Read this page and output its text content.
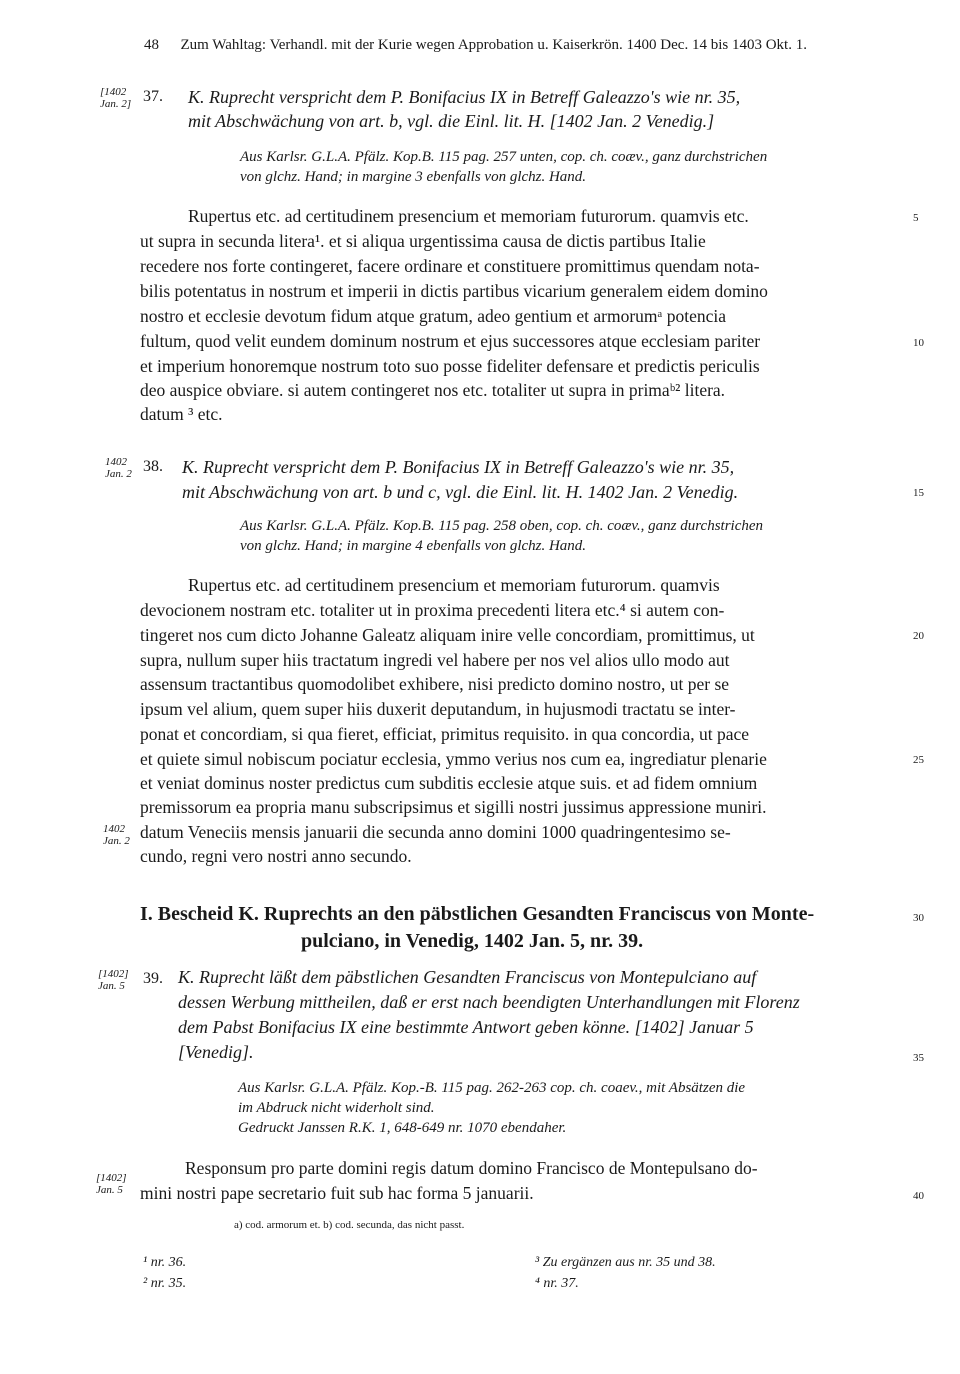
48 Zum Wahltag: Verhandl. mit der Kurie wegen Approbation u. Kaiserkrön. 1400 Dec. 14 bis 1403 Okt. 1.
[1402
Jan. 2] 37. K. Ruprecht verspricht dem P. Bonifacius IX in Betreff Galeazzo's wie nr. 35,
mit Abschwächung von art. b, vgl. die Einl. lit. H. [1402 Jan. 2 Venedig.]
Aus Karlsr. G.L.A. Pfälz. Kop.B. 115 pag. 257 unten, cop. ch. coæv., ganz durchstrichen
von glchz. Hand; in margine 3 ebenfalls von glchz. Hand.
Rupertus etc. ad certitudinem presencium et memoriam futurorum. quamvis etc.
ut supra in secunda litera¹. et si aliqua urgentissima causa de dictis partibus Italie
recedere nos forte contingeret, facere ordinare et constituere promittimus quendam nota-
bilis potentatus in nostrum et imperii in dictis partibus vicarium generalem eidem domino
nostro et ecclesie devotum fidum atque gratum, adeo gentium et armorumᵃ potencia
fultum, quod velit eundem dominum nostrum et ejus successores atque ecclesiam pariter
et imperium honoremque nostrum toto suo posse fideliter defensare et predictis periculis
deo auspice obviare. si autem contingeret nos etc. totaliter ut supra in primaᵇ² litera.
datum ³ etc.
1402
Jan. 2 38. K. Ruprecht verspricht dem P. Bonifacius IX in Betreff Galeazzo's wie nr. 35,
mit Abschwächung von art. b und c, vgl. die Einl. lit. H. 1402 Jan. 2 Venedig.
Aus Karlsr. G.L.A. Pfälz. Kop.B. 115 pag. 258 oben, cop. ch. coæv., ganz durchstrichen
von glchz. Hand; in margine 4 ebenfalls von glchz. Hand.
Rupertus etc. ad certitudinem presencium et memoriam futurorum. quamvis
devocionem nostram etc. totaliter ut in proxima precedenti litera etc.⁴ si autem con-
tingeret nos cum dicto Johanne Galeatz aliquam inire velle concordiam, promittimus, ut
supra, nullum super hiis tractatum ingredi vel habere per nos vel alios ullo modo aut
assensum tractantibus quomodolibet exhibere, nisi predicto domino nostro, ut per se
ipsum vel alium, quem super hiis duxerit deputandum, in hujusmodi tractatu se inter-
ponat et concordiam, si qua fieret, efficiat, primitus requisito. in qua concordia, ut pace
et quiete simul nobiscum pociatur ecclesia, ymmo verius nos cum ea, ingrediatur plenarie
et veniat dominus noster predictus cum subditis ecclesie atque suis. et ad fidem omnium
premissorum ea propria manu subscripsimus et sigilli nostri jussimus appressione muniri.
datum Veneciis mensis januarii die secunda anno domini 1000 quadringentesimo se-
cundo, regni vero nostri anno secundo.
1402
Jan. 2
I. Bescheid K. Ruprechts an den päbstlichen Gesandten Franciscus von Monte-
pulciano, in Venedig, 1402 Jan. 5, nr. 39.
[1402]
Jan. 5 39. K. Ruprecht läßt dem päbstlichen Gesandten Franciscus von Montepulciano auf
dessen Werbung mittheilen, daß er erst nach beendigten Unterhandlungen mit Florenz
dem Pabst Bonifacius IX eine bestimmte Antwort geben könne. [1402] Januar 5
[Venedig].
Aus Karlsr. G.L.A. Pfälz. Kop.-B. 115 pag. 262-263 cop. ch. coaev., mit Absätzen die
im Abdruck nicht widerholt sind.
Gedruckt Janssen R.K. 1, 648-649 nr. 1070 ebendaher.
Responsum pro parte domini regis datum domino Francisco de Montepulsano do-
mini nostri pape secretario fuit sub hac forma 5 januarii.
[1402]
Jan. 5
5
10
15
20
25
30
35
40
a) cod. armorum et. b) cod. secunda, das nicht passt.
¹ nr. 36.
² nr. 35.
³ Zu ergänzen aus nr. 35 und 38.
⁴ nr. 37.
